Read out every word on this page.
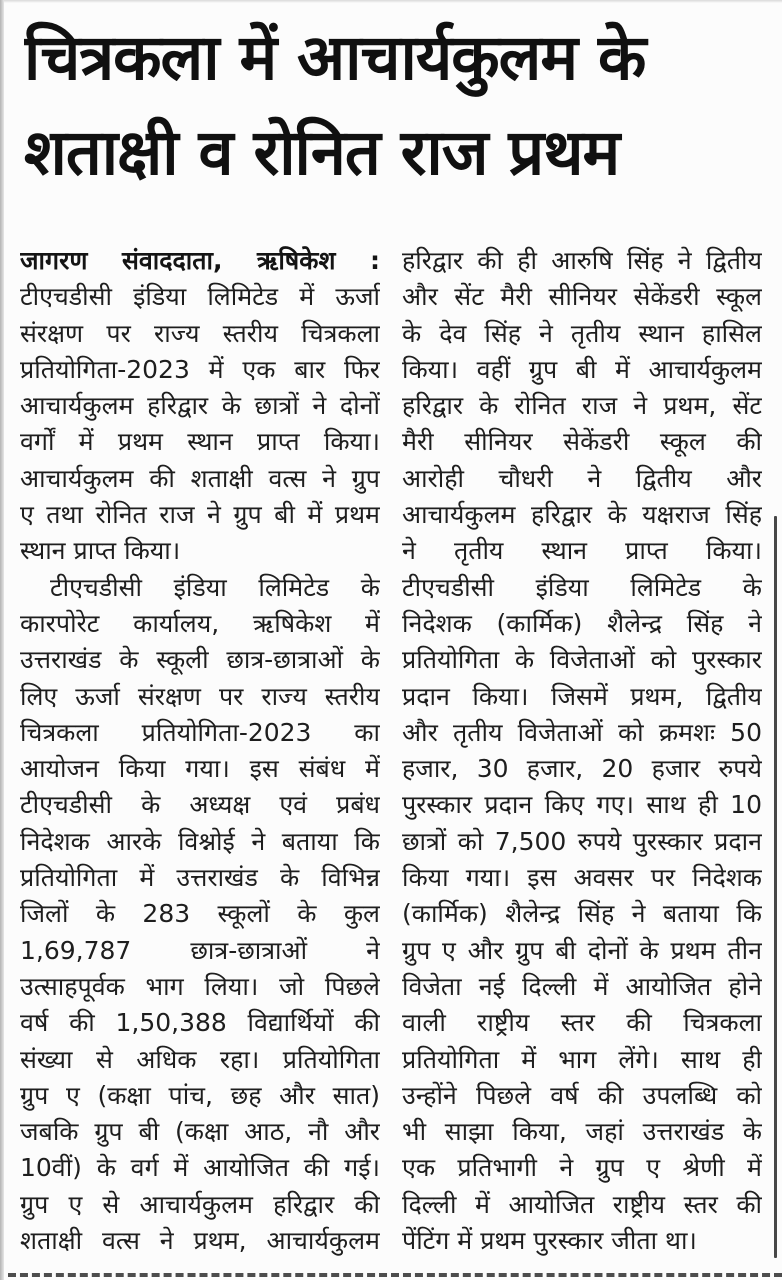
चित्रकला में आचार्यकुलम के
शताक्षी व रोनित राज प्रथम
जागरण संवाददाता, ऋषिकेश :
टीएचडीसी इंडिया लिमिटेड में ऊर्जा
संरक्षण पर राज्य स्तरीय चित्रकला
प्रतियोगिता-2023 में एक बार फिर
आचार्यकुलम हरिद्वार के छात्रों ने दोनों
वर्गों में प्रथम स्थान प्राप्त किया।
आचार्यकुलम की शताक्षी वत्स ने ग्रुप
ए तथा रोनित राज ने ग्रुप बी में प्रथम
स्थान प्राप्त किया।
टीएचडीसी इंडिया लिमिटेड के
कारपोरेट कार्यालय, ऋषिकेश में
उत्तराखंड के स्कूली छात्र-छात्राओं के
लिए ऊर्जा संरक्षण पर राज्य स्तरीय
चित्रकला प्रतियोगिता-2023 का
आयोजन किया गया। इस संबंध में
टीएचडीसी के अध्यक्ष एवं प्रबंध
निदेशक आरके विश्नोई ने बताया कि
प्रतियोगिता में उत्तराखंड के विभिन्न
जिलों के 283 स्कूलों के कुल
1,69,787 छात्र-छात्राओं ने
उत्साहपूर्वक भाग लिया। जो पिछले
वर्ष की 1,50,388 विद्यार्थियों की
संख्या से अधिक रहा। प्रतियोगिता
ग्रुप ए (कक्षा पांच, छह और सात)
जबकि ग्रुप बी (कक्षा आठ, नौ और
10वीं) के वर्ग में आयोजित की गई।
ग्रुप ए से आचार्यकुलम हरिद्वार की
शताक्षी वत्स ने प्रथम, आचार्यकुलम
हरिद्वार की ही आरुषि सिंह ने द्वितीय
और सेंट मैरी सीनियर सेकेंडरी स्कूल
के देव सिंह ने तृतीय स्थान हासिल
किया। वहीं ग्रुप बी में आचार्यकुलम
हरिद्वार के रोनित राज ने प्रथम, सेंट
मैरी सीनियर सेकेंडरी स्कूल की
आरोही चौधरी ने द्वितीय और
आचार्यकुलम हरिद्वार के यक्षराज सिंह
ने तृतीय स्थान प्राप्त किया।
टीएचडीसी इंडिया लिमिटेड के
निदेशक (कार्मिक) शैलेन्द्र सिंह ने
प्रतियोगिता के विजेताओं को पुरस्कार
प्रदान किया। जिसमें प्रथम, द्वितीय
और तृतीय विजेताओं को क्रमशः 50
हजार, 30 हजार, 20 हजार रुपये
पुरस्कार प्रदान किए गए। साथ ही 10
छात्रों को 7,500 रुपये पुरस्कार प्रदान
किया गया। इस अवसर पर निदेशक
(कार्मिक) शैलेन्द्र सिंह ने बताया कि
ग्रुप ए और ग्रुप बी दोनों के प्रथम तीन
विजेता नई दिल्ली में आयोजित होने
वाली राष्ट्रीय स्तर की चित्रकला
प्रतियोगिता में भाग लेंगे। साथ ही
उन्होंने पिछले वर्ष की उपलब्धि को
भी साझा किया, जहां उत्तराखंड के
एक प्रतिभागी ने ग्रुप ए श्रेणी में
दिल्ली में आयोजित राष्ट्रीय स्तर की
पेंटिंग में प्रथम पुरस्कार जीता था।
